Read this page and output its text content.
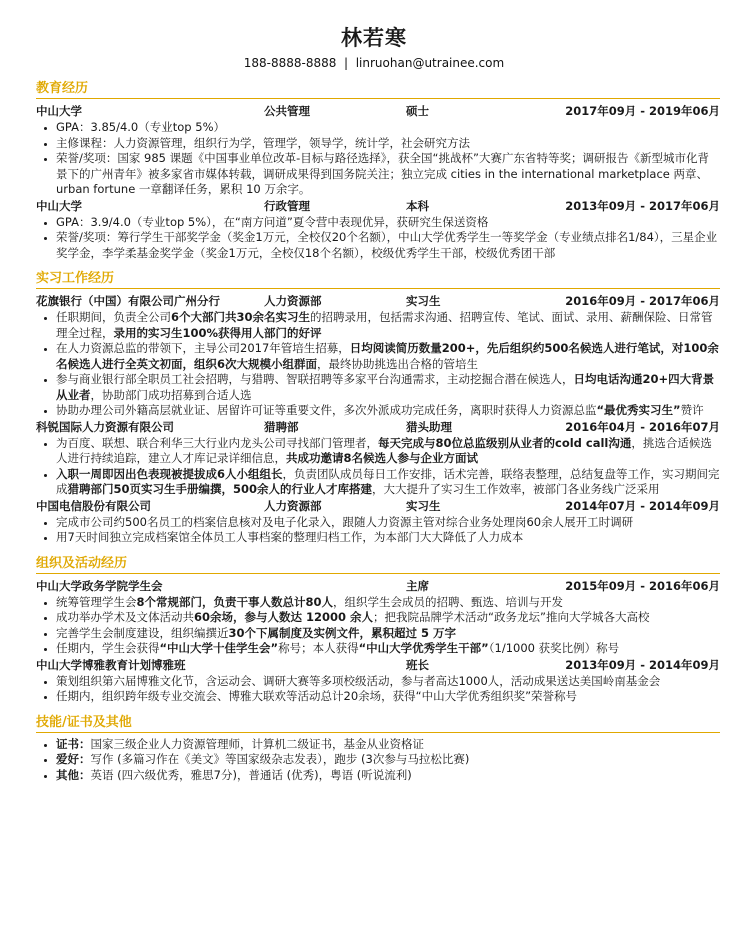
林若寒
188-8888-8888  |  linruohan@utrainee.com
教育经历
中山大学	公共管理	硕士	2017年09月 - 2019年06月
• GPA：3.85/4.0（专业top 5%）
• 主修课程：人力资源管理，组织行为学，管理学，领导学，统计学，社会研究方法
• 荣誉/奖项：国家 985 课题《中国事业单位改革-目标与路径选择》，获全国“挑战杯”大赛广东省特等奖；调研报告《新型城市化背景下的广州青年》被多家省市媒体转载，调研成果得到国务院关注；独立完成 cities in the international marketplace 两章、urban fortune 一章翻译任务，累积 10 万余字。
中山大学	行政管理	本科	2013年09月 - 2017年06月
• GPA：3.9/4.0（专业top 5%），在“南方问道”夏令营中表现优异，获研究生保送资格
• 荣誉/奖项：筹行学生干部奖学金（奖金1万元，全校仅20个名额），中山大学优秀学生一等奖学金（专业绩点排名1/84），三星企业奖学金，李学柔基金奖学金（奖金1万元，全校仅18个名额），校级优秀学生干部，校级优秀团干部
实习工作经历
花旗银行（中国）有限公司广州分行	人力资源部	实习生	2016年09月 - 2017年06月
• 任职期间，负责全公司6个大部门共30余名实习生的招聘录用，包括需求沟通、招聘宣传、笔试、面试、录用、薪酬保险、日常管理全过程，录用的实习生100%获得用人部门的好评
• 在人力资源总监的带领下，主导公司2017年管培生招募，日均阅读简历数量200+，先后组织约500名候选人进行笔试，对100余名候选人进行全英文初面，组织6次大规模小组群面，最终协助挑选出合格的管培生
• 参与商业银行部全职员工社会招聘，与猎聘、智联招聘等多家平台沟通需求，主动挖掘合潜在候选人，日均电话沟通20+四大背景从业者，协助部门成功招募到合适人选
• 协助办理公司外籍高层就业证、居留许可证等重要文件，多次外派成功完成任务，离职时获得人力资源总监“最优秀实习生”赞许
科锐国际人力资源有限公司	猎聘部	猎头助理	2016年04月 - 2016年07月
• 为百度、联想、联合利华三大行业内龙头公司寻找部门管理者，每天完成与80位总监级别从业者的cold call沟通，挑选合适候选人进行持续追踪，建立人才库记录详细信息，共成功邀请8名候选人参与企业方面试
• 入职一周即因出色表现被提拔成6人小组组长，负责团队成员每日工作安排，话术完善，联络表整理，总结复盘等工作，实习期间完成猎聘部门50页实习生手册编撰，500余人的行业人才库搭建，大大提升了实习生工作效率，被部门各业务线广泛采用
中国电信股份有限公司	人力资源部	实习生	2014年07月 - 2014年09月
• 完成市公司约500名员工的档案信息核对及电子化录入，跟随人力资源主管对综合业务处理岗60余人展开工时调研
• 用7天时间独立完成档案馆全体员工人事档案的整理归档工作，为本部门大大降低了人力成本
组织及活动经历
中山大学政务学院学生会	主席	2015年09月 - 2016年06月
• 统筹管理学生会8个常规部门，负责干事人数总计80人，组织学生会成员的招聘、甄选、培训与开发
• 成功举办学术及文体活动共60余场，参与人数达 12000 余人；把我院品牌学术活动“政务龙坛”推向大学城各大高校
• 完善学生会制度建设，组织编撰近30个下属制度及实例文件，累积超过 5 万字
• 任期内，学生会获得“中山大学十佳学生会”称号；本人获得“中山大学优秀学生干部”（1/1000 获奖比例）称号
中山大学博雅教育计划博雅班	班长	2013年09月 - 2014年09月
• 策划组织第六届博雅文化节，含运动会、调研大赛等多项校级活动，参与者高达1000人，活动成果送达美国岭南基金会
• 任期内，组织跨年级专业交流会、博雅大联欢等活动总计20余场，获得“中山大学优秀组织奖”荣誉称号
技能/证书及其他
• 证书：国家三级企业人力资源管理师，计算机二级证书，基金从业资格证
• 爱好：写作 (多篇习作在《美文》等国家级杂志发表），跑步 (3次参与马拉松比赛)
• 其他：英语 (四六级优秀，雅思7分)，普通话 (优秀)，粤语 (听说流利)
